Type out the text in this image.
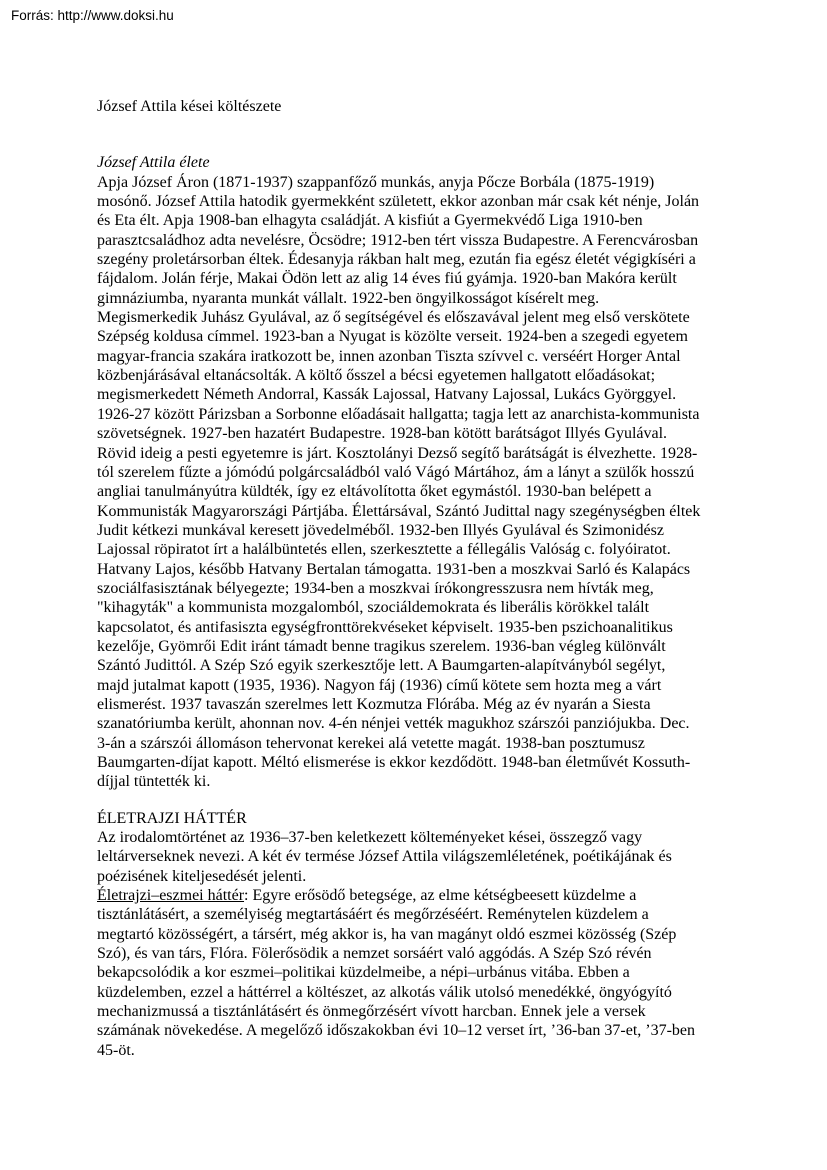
Forrás: http://www.doksi.hu
József Attila kései költészete
József Attila élete
Apja József Áron (1871-1937) szappanfőző munkás, anyja Pőcze Borbála (1875-1919)
mosónő. József Attila hatodik gyermekként született, ekkor azonban már csak két nénje, Jolán
és Eta élt. Apja 1908-ban elhagyta családját. A kisfiút a Gyermekvédő Liga 1910-ben
parasztcsaládhoz adta nevelésre, Öcsödre; 1912-ben tért vissza Budapestre. A Ferencvárosban
szegény proletársorban éltek. Édesanyja rákban halt meg, ezután fia egész életét végigkíséri a
fájdalom. Jolán férje, Makai Ödön lett az alig 14 éves fiú gyámja. 1920-ban Makóra került
gimnáziumba, nyaranta munkát vállalt. 1922-ben öngyilkosságot kísérelt meg.
Megismerkedik Juhász Gyulával, az ő segítségével és előszavával jelent meg első verskötete
Szépség koldusa címmel. 1923-ban a Nyugat is közölte verseit. 1924-ben a szegedi egyetem
magyar-francia szakára iratkozott be, innen azonban Tiszta szívvel c. verséért Horger Antal
közbenjárásával eltanácsolták. A költő ősszel a bécsi egyetemen hallgatott előadásokat;
megismerkedett Németh Andorral, Kassák Lajossal, Hatvany Lajossal, Lukács Györggyel.
1926-27 között Párizsban a Sorbonne előadásait hallgatta; tagja lett az anarchista-kommunista
szövetségnek. 1927-ben hazatért Budapestre. 1928-ban kötött barátságot Illyés Gyulával.
Rövid ideig a pesti egyetemre is járt. Kosztolányi Dezső segítő barátságát is élvezhette. 1928-
tól szerelem fűzte a jómódú polgárcsaládból való Vágó Mártához, ám a lányt a szülők hosszú
angliai tanulmányútra küldték, így ez eltávolította őket egymástól. 1930-ban belépett a
Kommunisták Magyarországi Pártjába. Élettársával, Szántó Judittal nagy szegénységben éltek
Judit kétkezi munkával keresett jövedelméből. 1932-ben Illyés Gyulával és Szimonidész
Lajossal röpiratot írt a halálbüntetés ellen, szerkesztette a féllegális Valóság c. folyóiratot.
Hatvany Lajos, később Hatvany Bertalan támogatta. 1931-ben a moszkvai Sarló és Kalapács
szociálfasisztának bélyegezte; 1934-ben a moszkvai írókongresszusra nem hívták meg,
"kihagyták" a kommunista mozgalomból, szociáldemokrata és liberális körökkel talált
kapcsolatot, és antifasiszta egységfronttörekvéseket képviselt. 1935-ben pszichoanalitikus
kezelője, Gyömrői Edit iránt támadt benne tragikus szerelem. 1936-ban végleg különvált
Szántó Judittól. A Szép Szó egyik szerkesztője lett. A Baumgarten-alapítványból segélyt,
majd jutalmat kapott (1935, 1936). Nagyon fáj (1936) című kötete sem hozta meg a várt
elismerést. 1937 tavaszán szerelmes lett Kozmutza Flórába. Még az év nyarán a Siesta
szanatóriumba került, ahonnan nov. 4-én nénjei vették magukhoz szárszói panziójukba. Dec.
3-án a szárszói állomáson tehervonat kerekei alá vetette magát. 1938-ban posztumusz
Baumgarten-díjat kapott. Méltó elismerése is ekkor kezdődött. 1948-ban életművét Kossuth-
díjjal tüntették ki.
ÉLETRAJZI HÁTTÉR
Az irodalomtörténet az 1936–37-ben keletkezett költeményeket kései, összegző vagy
leltárverseknek nevezi. A két év termése József Attila világszemléletének, poétikájának és
poézisének kiteljesedését jelenti.
Életrajzi–eszmei háttér: Egyre erősödő betegsége, az elme kétségbeesett küzdelme a
tisztánlátásért, a személyiség megtartásáért és megőrzéséért. Reménytelen küzdelem a
megtartó közösségért, a társért, még akkor is, ha van magányt oldó eszmei közösség (Szép
Szó), és van társ, Flóra. Fölerősödik a nemzet sorsáért való aggódás. A Szép Szó révén
bekapcsolódik a kor eszmei–politikai küzdelmeibe, a népi–urbánus vitába. Ebben a
küzdelemben, ezzel a háttérrel a költészet, az alkotás válik utolsó menedékké, öngyógyító
mechanizmussá a tisztánlátásért és önmegőrzésért vívott harcban. Ennek jele a versek
számának növekedése. A megelőző időszakokban évi 10–12 verset írt, ’36-ban 37-et, ’37-ben
45-öt.
